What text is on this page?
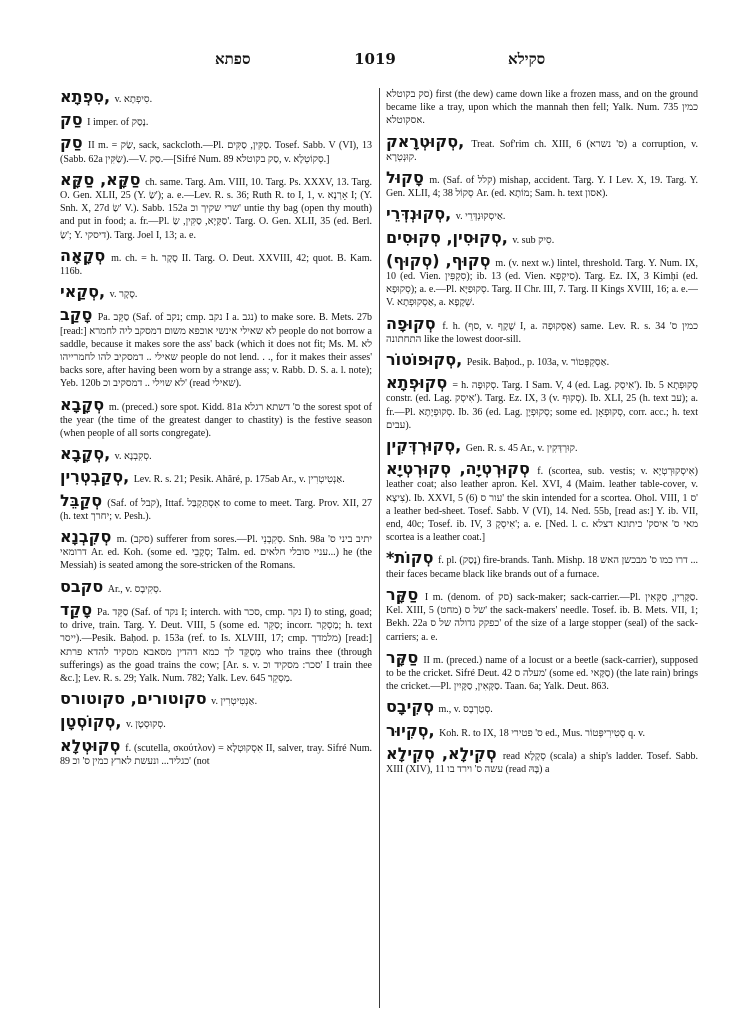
ספתא	1019	סקילא
סִפְתָא, v. סִיפְתָא.
סַק I imper. of נָסַק.
סַק II m. = שַׂק, sack, sackcloth.—Pl. סַקִּין, סַקִּים. Tosef. Sabb. V (VI), 13 (Sabb. 62a שַׂקִּין).—V. סַק.—[Sifré Num. 89 סַק בקוטלא, v. סְקוֹטְלָא.]
סַקָּא, סַקָּא ch. same. Targ. Am. VIII, 10. Targ. Ps. XXXV, 13. Targ. O. Gen. XLII, 25 (Y. שַׂ'); a. e.—Lev. R. s. 36; Ruth R. to I, 1, v. אָרְנָא I; (Y. Snh. X, 27d שַׂ' V.). Sabb. 152a שרי שקיך וכ' untie thy bag (open thy mouth) and put in food; a. fr.—Pl. סַקַּיָא, סַקִּין, שַׂ'. Targ. O. Gen. XLII, 35 (ed. Berl. שַׂ'; Y. דיסקי). Targ. Joel I, 13; a. e.
סְקָאָה m. ch. = h. סָקָר II. Targ. O. Deut. XXVIII, 42; quot. B. Kam. 116b.
סְקַאי, v. סָקָר.
סָקַב Pa. סַקֵּב (Saf. of נקב; cmp. נקב I a. נגב) to make sore. B. Mets. 27b [read:] לא שאילי אינשי אוכפא משום דמסקב ליה לחמרא people do not borrow a saddle, because it makes sore the ass' back (which it does not fit; Ms. M. לא שאילי .. דמסקיב להו לחמרייהו people do not lend. . ., for it makes their asses' backs sore, after having been worn by a strange ass; v. Rabb. D. S. a. l. note); Yeb. 120b לא שוילי .. דמסקיב וכ' (read שאילי).
סְקָבָא m. (preced.) sore spot. Kidd. 81a ס' דשתא רגלא the sorest spot of the year (the time of the greatest danger to chastity) is the festive season (when people of all sorts congregate).
סְקָבָא, v. סְקִבְנָא.
סְקַבְטְרִין, Lev. R. s. 21; Pesik. Ahăré, p. 175ab Ar., v. אַנְטִיטְרִין.
סְקַבֵּל (Saf. of קבל), Ittaf. אִסְתַּקְבַּל to come to meet. Targ. Prov. XII, 27 (h. text יחרך; v. Pesh.).
סְקִבְנָא m. (סקב) sufferer from sores.—Pl. סְקִבְנֵי. Snh. 98a יתיב ביני ס' דרומאי Ar. ed. Koh. (some ed. סְקָבֵי; Talm. ed. עניי סובלי חלאים...) he (the Messiah) is seated among the sore-stricken of the Romans.
סקבס Ar., v. סְקִיבָס.
סָקַד Pa. סַקֵּד (Saf. of נקד I; interch. with סכר, cmp. נקר I) to sting, goad; to drive, train. Targ. Y. Deut. VIII, 5 (some ed. סַקֵּר; incorr. מַסְקַר; h. text ייסר).—Pesik. Baḥod. p. 153a (ref. to Is. XLVIII, 17; cmp. מלמדך) [read:] מְסַקֵּד לך כמא דהדין מסאבא מסקיד להדא פרתא who trains thee (through sufferings) as the goad trains the cow; [Ar. s. v. סכר: מסקיד וכ' I train thee &c.]; Lev. R. s. 29; Yalk. Num. 782; Yalk. Lev. 645 מַסְקֵר.
סקוטורים, סקוטורס v. אַנְטִיטְרִין.
סְקוֹסְטָן, v. סְקוּסְטָן.
סְקוּטְלָא f. (scutella, σκούτλον) = אִסְקוּטְלָא II, salver, tray. Sifré Num. 89 כגליד... ונעשת לארץ כמין ס' וכ' (not
סק בקוטלא) first (the dew) came down like a frozen mass, and on the ground became like a tray, upon which the mannah then fell; Yalk. Num. 735 כמין אסקוטלא.
סְקוּטְרָאק, Treat. Sof'rim ch. XIII, 6 (ס' נשרא) a corruption, v. קוּנְטְרָא.
סָקוּל m. (Saf. of קלל) mishap, accident. Targ. Y. I Lev. X, 19. Targ. Y. Gen. XLII, 4; 38 סְקוֹל Ar. (ed. מוֹתָא; Sam. h. text אסון).
סְקוּנְדְּרֵי, v. אַיסְקוּנְדְּרֵי.
סְקוּסִין, סְקוּסִים, v. sub סִיק.
סְקוּף, (סְקוּף) m. (v. next w.) lintel, threshold. Targ. Y. Num. IX, 10 (ed. Vien. סִקְפִּין); ib. 13 (ed. Vien. סִיקְפָא). Targ. Ez. IX, 3 Kimḥi (ed. סְקוּפָא); a. e.—Pl. סְקוּפַיָּא. Targ. II Chr. III, 7. Targ. II Kings XVIII, 16; a. e.—V. אַסְקוּפְתָא, a. שְׁקָפָא.
סְקוּפָה f. h. (סף, v. שֶׁקֶף I, a. אַסְקוּפָה) same. Lev. R. s. 34 כמין ס' התחתונה like the lowest door-sill.
סְקוּפוֹטוֹר, Pesik. Baḥod., p. 103a, v. אַסְקְפְּטוֹר.
סְקוּפְתָא = h. סְקוּפָה. Targ. I Sam. V, 4 (ed. Lag. אִיסְק'). Ib. 5 סְקוּפְתָא constr. (ed. Lag. אִיסְק'). Targ. Ez. IX, 3 (v. סְקוּף). Ib. XLI, 25 (h. text עב); a. fr.—Pl. סְקוּפְיָתָא. Ib. 36 (ed. Lag. סְקוּפְיָן; some ed. סְקוּפְאָן, corr. acc.; h. text עבים).
סְקוּרְדְּקִין, Gen. R. s. 45 Ar., v. קוּרְדְּקִין.
סְקוּרְטְיָה, סְקוּרְטְיָא f. (scortea, sub. vestis; v. אִיסְקוּרְטְיָא) leather coat; also leather apron. Kel. XVI, 4 (Maim. leather table-cover, v. צִיצָא). Ib. XXVI, 5 (6) עור ס' the skin intended for a scortea. Ohol. VIII, 1 ס' a leather bed-sheet. Tosef. Sabb. V (VI), 14. Ned. 55b, [read as:] Y. ib. VII, end, 40c; Tosef. ib. IV, 3 אִיסְקֶ'; a. e. [Ned. l. c. מאי ס' איסק' כיתונא דצלא scortea is a leather coat.]
*סְקוֹת f. pl. (נָסַק) fire-brands. Tanh. Mishp. 18 דרו כמו ס' מבכשן האש ... their faces became black like brands out of a furnace.
סַקָּר I m. (denom. of סק) sack-maker; sack-carrier.—Pl. סַקָּרִין, סַקָּאִין. Kel. XIII, 5 (מחט) של ס' the sack-makers' needle. Tosef. ib. B. Mets. VII, 1; Bekh. 22a כפקק גדולה של ס' of the size of a large stopper (seal) of the sack-carriers; a. e.
סַקָּר II m. (preced.) name of a locust or a beetle (sack-carrier), supposed to be the cricket. Sifré Deut. 42 מעלה ס' (some ed. סַקָּאי) (the late rain) brings the cricket.—Pl. סַקָּאִין, סַקָּיִין. Taan. 6a; Yalk. Deut. 863.
סְקִיבָס m., v. סְטַרְבָס.
סְקִיוּר, Koh. R. to IX, 18 ס' פטירי ed., Mus. סְטִירִיפְּטוֹר q. v.
סְקִילָא, סְקִילָא read סְקָלָא (scala) a ship's ladder. Tosef. Sabb. XIII (XIV), 11 עשה ס' וירד בו (read בָּהּ) a
